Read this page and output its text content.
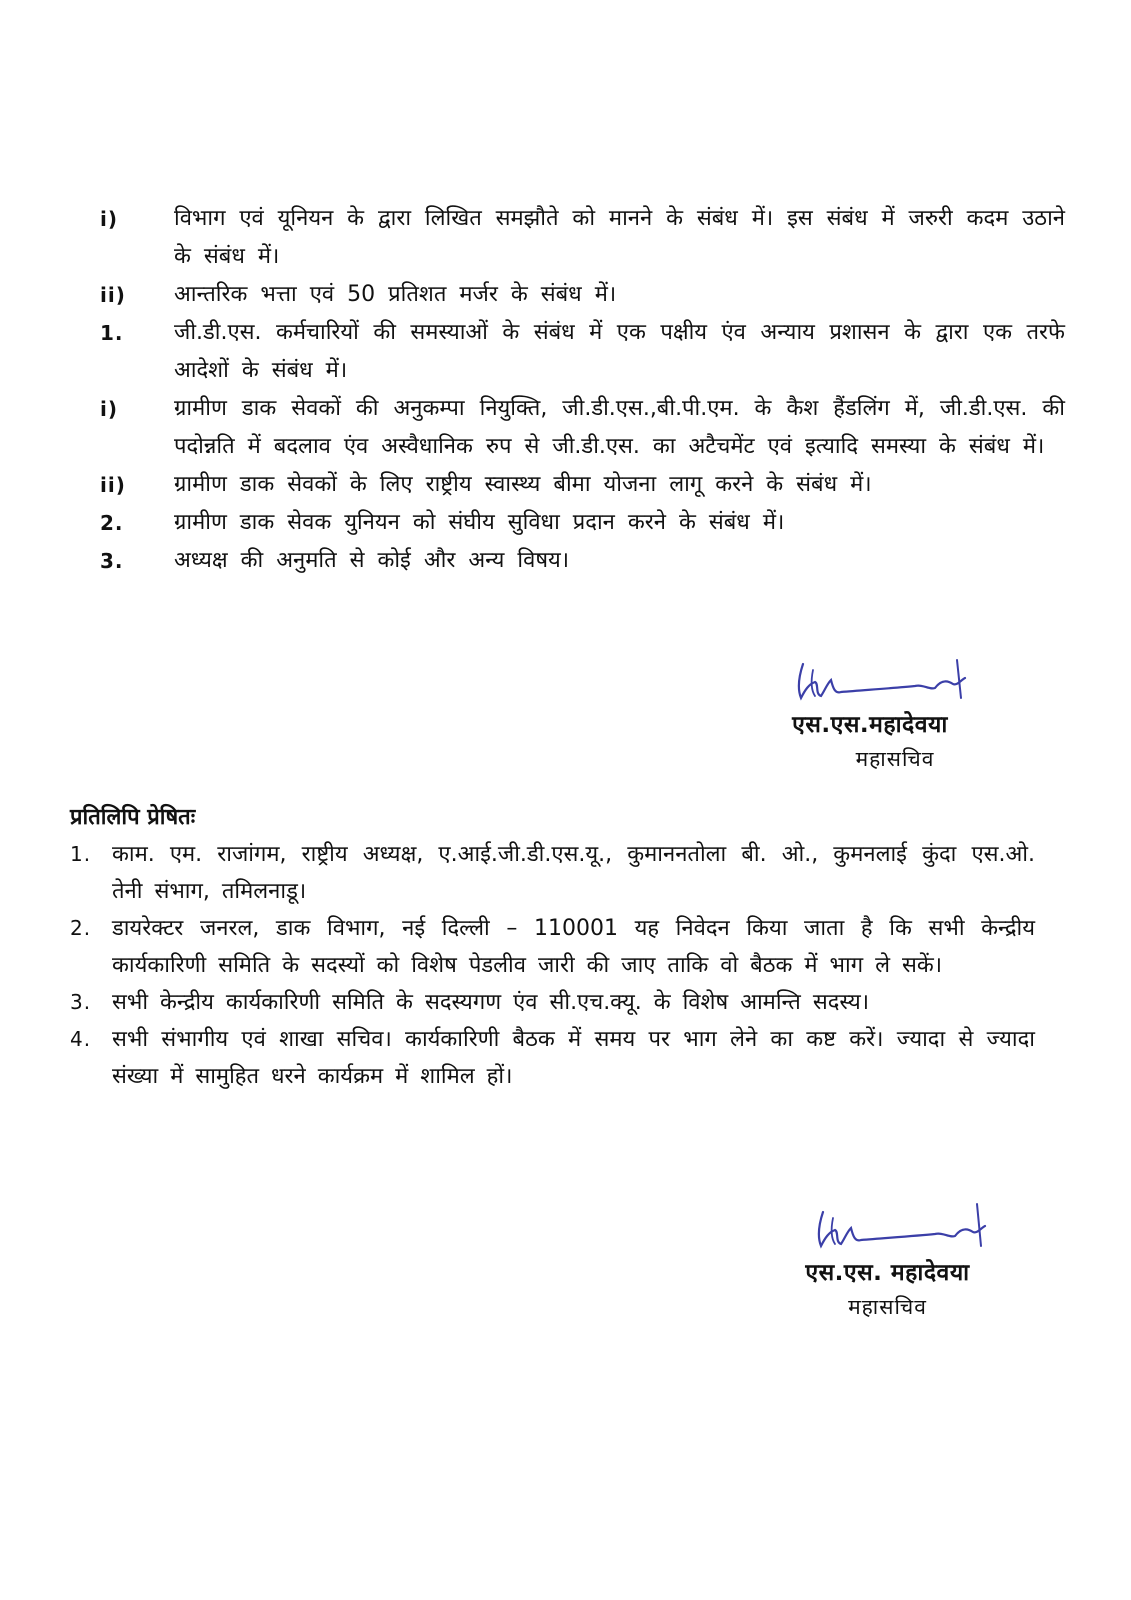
i)	विभाग एवं यूनियन के द्वारा लिखित समझौते को मानने के संबंध में। इस संबंध में जरुरी कदम उठाने के संबंध में।
ii)	आन्तरिक भत्ता एवं 50 प्रतिशत मर्जर के संबंध में।
1.	जी.डी.एस. कर्मचारियों की समस्याओं के संबंध में एक पक्षीय एंव अन्याय प्रशासन के द्वारा एक तरफे आदेशों के संबंध में।
i)	ग्रामीण डाक सेवकों की अनुकम्पा नियुक्ति, जी.डी.एस.,बी.पी.एम. के कैश हैंडलिंग में, जी.डी.एस. की पदोन्नति में बदलाव एंव अस्वैधानिक रुप से जी.डी.एस. का अटैचमेंट एवं इत्यादि समस्या के संबंध में।
ii)	ग्रामीण डाक सेवकों के लिए राष्ट्रीय स्वास्थ्य बीमा योजना लागू करने के संबंध में।
2.	ग्रामीण डाक सेवक युनियन को संघीय सुविधा प्रदान करने के संबंध में।
3.	अध्यक्ष की अनुमति से कोई और अन्य विषय।
एस.एस.महादेवया
महासचिव
प्रतिलिपि प्रेषितः
1. काम. एम. राजांगम, राष्ट्रीय अध्यक्ष, ए.आई.जी.डी.एस.यू., कुमाननतोला बी. ओ., कुमनलाई कुंदा एस.ओ. तेनी संभाग, तमिलनाडू।
2. डायरेक्टर जनरल, डाक विभाग, नई दिल्ली – 110001 यह निवेदन किया जाता है कि सभी केन्द्रीय कार्यकारिणी समिति के सदस्यों को विशेष पेडलीव जारी की जाए ताकि वो बैठक में भाग ले सकें।
3. सभी केन्द्रीय कार्यकारिणी समिति के सदस्यगण एंव सी.एच.क्यू. के विशेष आमन्ति सदस्य।
4. सभी संभागीय एवं शाखा सचिव। कार्यकारिणी बैठक में समय पर भाग लेने का कष्ट करें। ज्यादा से ज्यादा संख्या में सामुहित धरने कार्यक्रम में शामिल हों।
एस.एस. महादेवया
महासचिव
